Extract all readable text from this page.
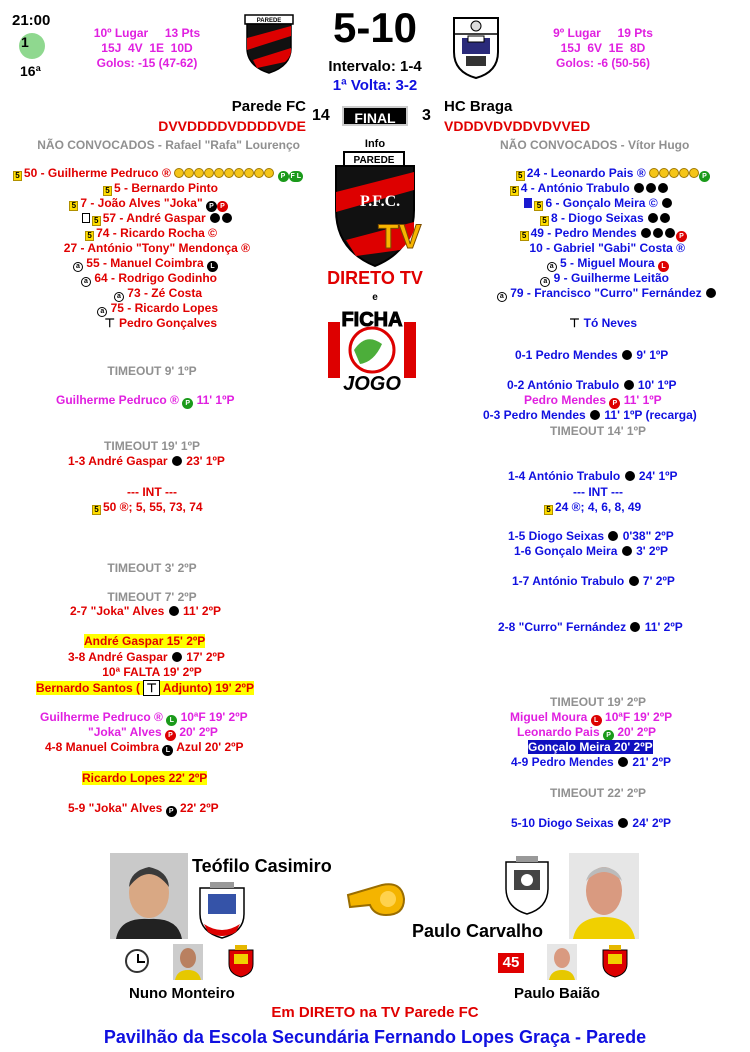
21:00
1
16ª
10º Lugar     13 Pts
15J  4V  1E  10D
Golos: -15 (47-62)
PAREDE	5-10
Intervalo: 1-4
1ª Volta: 3-2
9º Lugar     19 Pts
15J  6V  1E  8D
Golos: -6 (50-56)
Parede FC
DVVDDDDVDDDDVDE
14	FINAL	3
HC Braga
VDDDVDVDDVDVVED
NÃO CONVOCADOS - Rafael "Rafa" Lourenço	Info	NÃO CONVOCADOS - Vítor Hugo
5 50 - Guilherme Pedruco ®	P F L
5 5 - Bernardo Pinto
5 7 - João Alves "Joka" P P
5 57 - André Gaspar
5 74 - Ricardo Rocha ©
27 - António "Tony" Mendonça ®
a 55 - Manuel Coimbra L
a 64 - Rodrigo Godinho
a 73 - Zé Costa
a 75 - Ricardo Lopes
⊤ Pedro Gonçalves
5 24 - Leonardo Pais ®	P
5 4 - António Trabulo
5 6 - Gonçalo Meira ©
5 8 - Diogo Seixas
5 49 - Pedro Mendes	P
10 - Gabriel "Gabi" Costa ®
a 5 - Miguel Moura L
a 9 - Guilherme Leitão
a 79 - Francisco "Curro" Fernández
⊤ Tó Neves
PAREDE
P.F.C.
TV
DIRETO TV
e
FICHA
JOGO
TIMEOUT 9' 1ºP
Guilherme Pedruco ® P 11' 1ºP
TIMEOUT 19' 1ºP
1-3 André Gaspar 23' 1ºP
--- INT ---
5 50 ®; 5, 55, 73, 74
TIMEOUT 3' 2ºP
TIMEOUT 7' 2ºP
2-7 "Joka" Alves 11' 2ºP
André Gaspar 15' 2ºP
3-8 André Gaspar 17' 2ºP
10ª FALTA 19' 2ºP
Bernardo Santos ( ⊤ Adjunto) 19' 2ºP
Guilherme Pedruco ® L 10ªF 19' 2ºP
"Joka" Alves P 20' 2ºP
4-8 Manuel Coimbra L Azul 20' 2ºP
Ricardo Lopes 22' 2ºP
5-9 "Joka" Alves P 22' 2ºP
0-1 Pedro Mendes 9' 1ºP
0-2 António Trabulo 10' 1ºP
Pedro Mendes P 11' 1ºP
0-3 Pedro Mendes 11' 1ºP (recarga)
TIMEOUT 14' 1ºP
1-4 António Trabulo 24' 1ºP
--- INT ---
5 24 ®; 4, 6, 8, 49
1-5 Diogo Seixas 0'38" 2ºP
1-6 Gonçalo Meira 3' 2ºP
1-7 António Trabulo 7' 2ºP
2-8 "Curro" Fernández 11' 2ºP
TIMEOUT 19' 2ºP
Miguel Moura L 10ªF 19' 2ºP
Leonardo Pais P 20' 2ºP
Gonçalo Meira 20' 2ºP
4-9 Pedro Mendes 21' 2ºP
TIMEOUT 22' 2ºP
5-10 Diogo Seixas 24' 2ºP
Teófilo Casimiro
Paulo Carvalho
Nuno Monteiro
45
Paulo Baião
Em DIRETO na TV Parede FC
Pavilhão da Escola Secundária Fernando Lopes Graça - Parede
